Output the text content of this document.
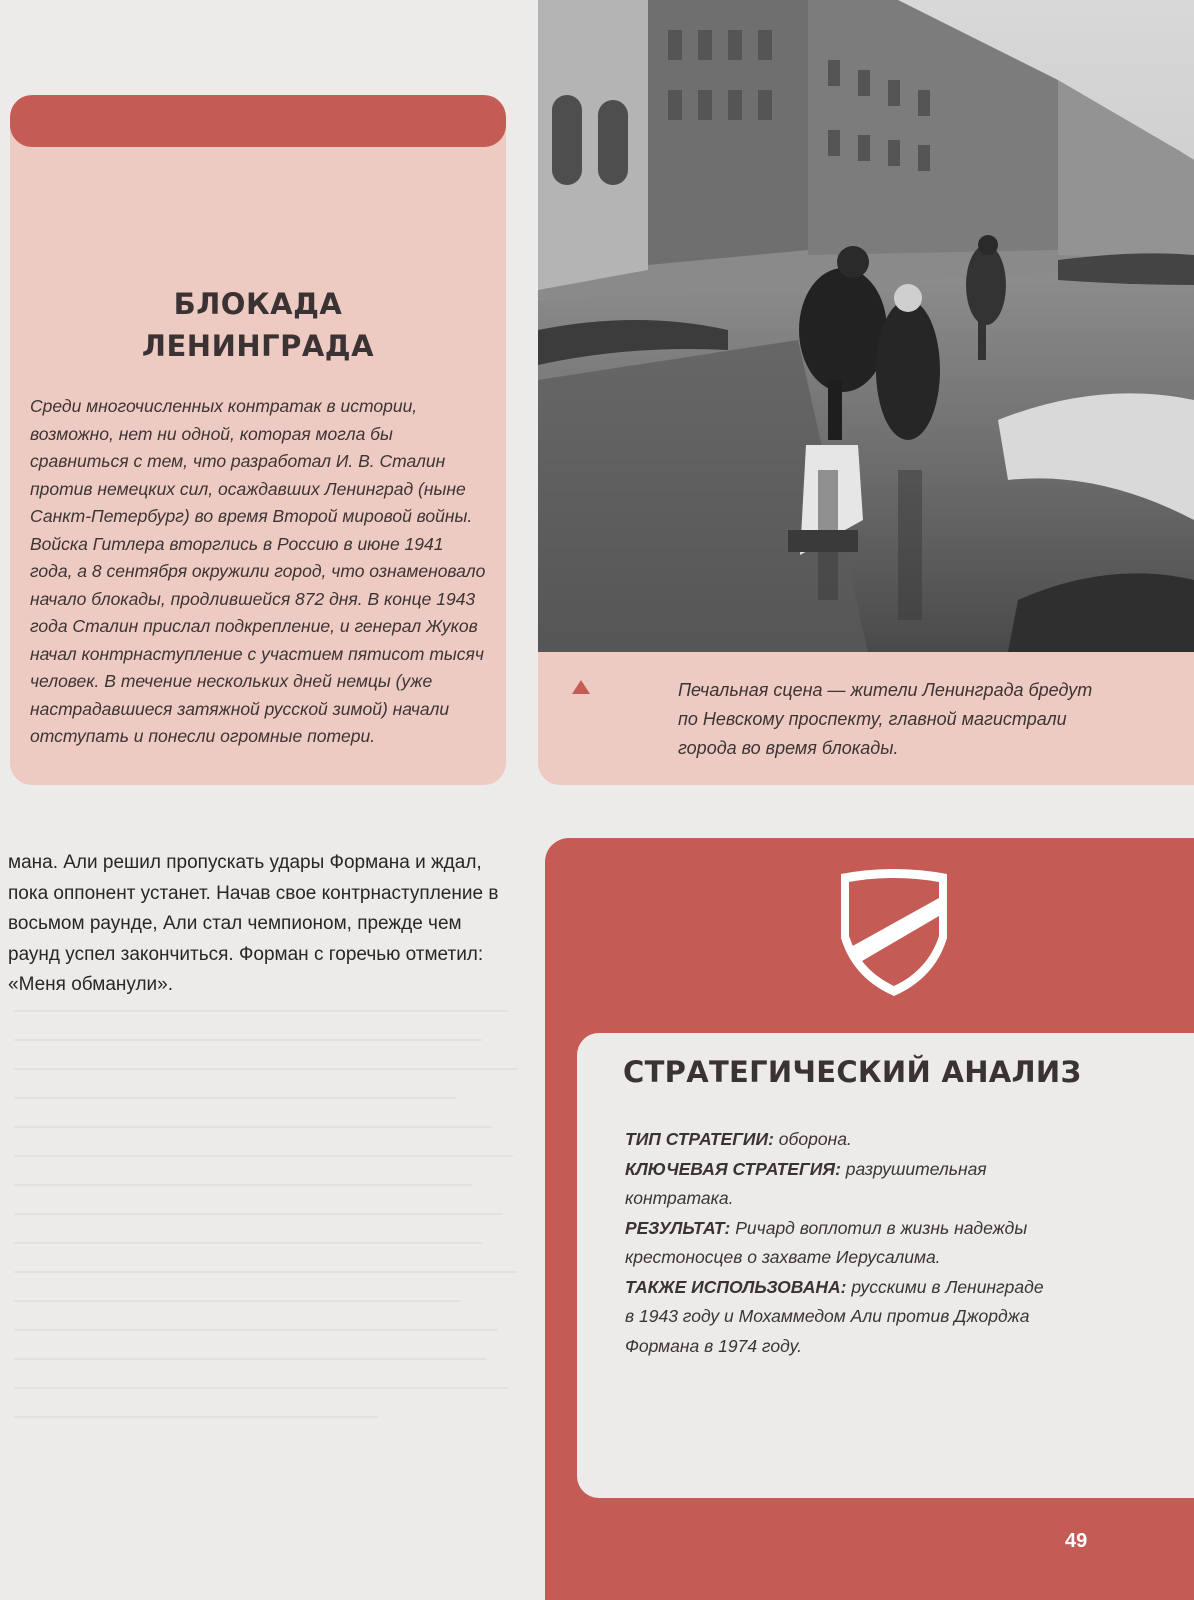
БЛОКАДА
ЛЕНИНГРАДА

Среди многочисленных контратак в истории, возможно, нет ни одной, которая могла бы сравниться с тем, что разработал И. В. Сталин против немецких сил, осаждавших Ленинград (ныне Санкт-Петербург) во время Второй мировой войны. Войска Гитлера вторглись в Россию в июне 1941 года, а 8 сентября окружили город, что ознаменовало начало блокады, продлившейся 872 дня. В конце 1943 года Сталин прислал подкрепление, и генерал Жуков начал контрнаступление с участием пятисот тысяч человек. В течение нескольких дней немцы (уже настрадавшиеся затяжной русской зимой) начали отступать и понесли огромные потери.

Печальная сцена — жители Ленинграда бредут по Невскому проспекту, главной магистрали города во время блокады.

мана. Али решил пропускать удары Формана и ждал, пока оппонент устанет. Начав свое контрнаступление в восьмом раунде, Али стал чемпионом, прежде чем раунд успел закончиться. Форман с горечью отметил: «Меня обманули».

СТРАТЕГИЧЕСКИЙ АНАЛИЗ

ТИП СТРАТЕГИИ: оборона.

КЛЮЧЕВАЯ СТРАТЕГИЯ: разрушительная контратака.

РЕЗУЛЬТАТ: Ричард воплотил в жизнь надежды крестоносцев о захвате Иерусалима.

ТАКЖЕ ИСПОЛЬЗОВАНА: русскими в Ленинграде в 1943 году и Мохаммедом Али против Джорджа Формана в 1974 году.

49
